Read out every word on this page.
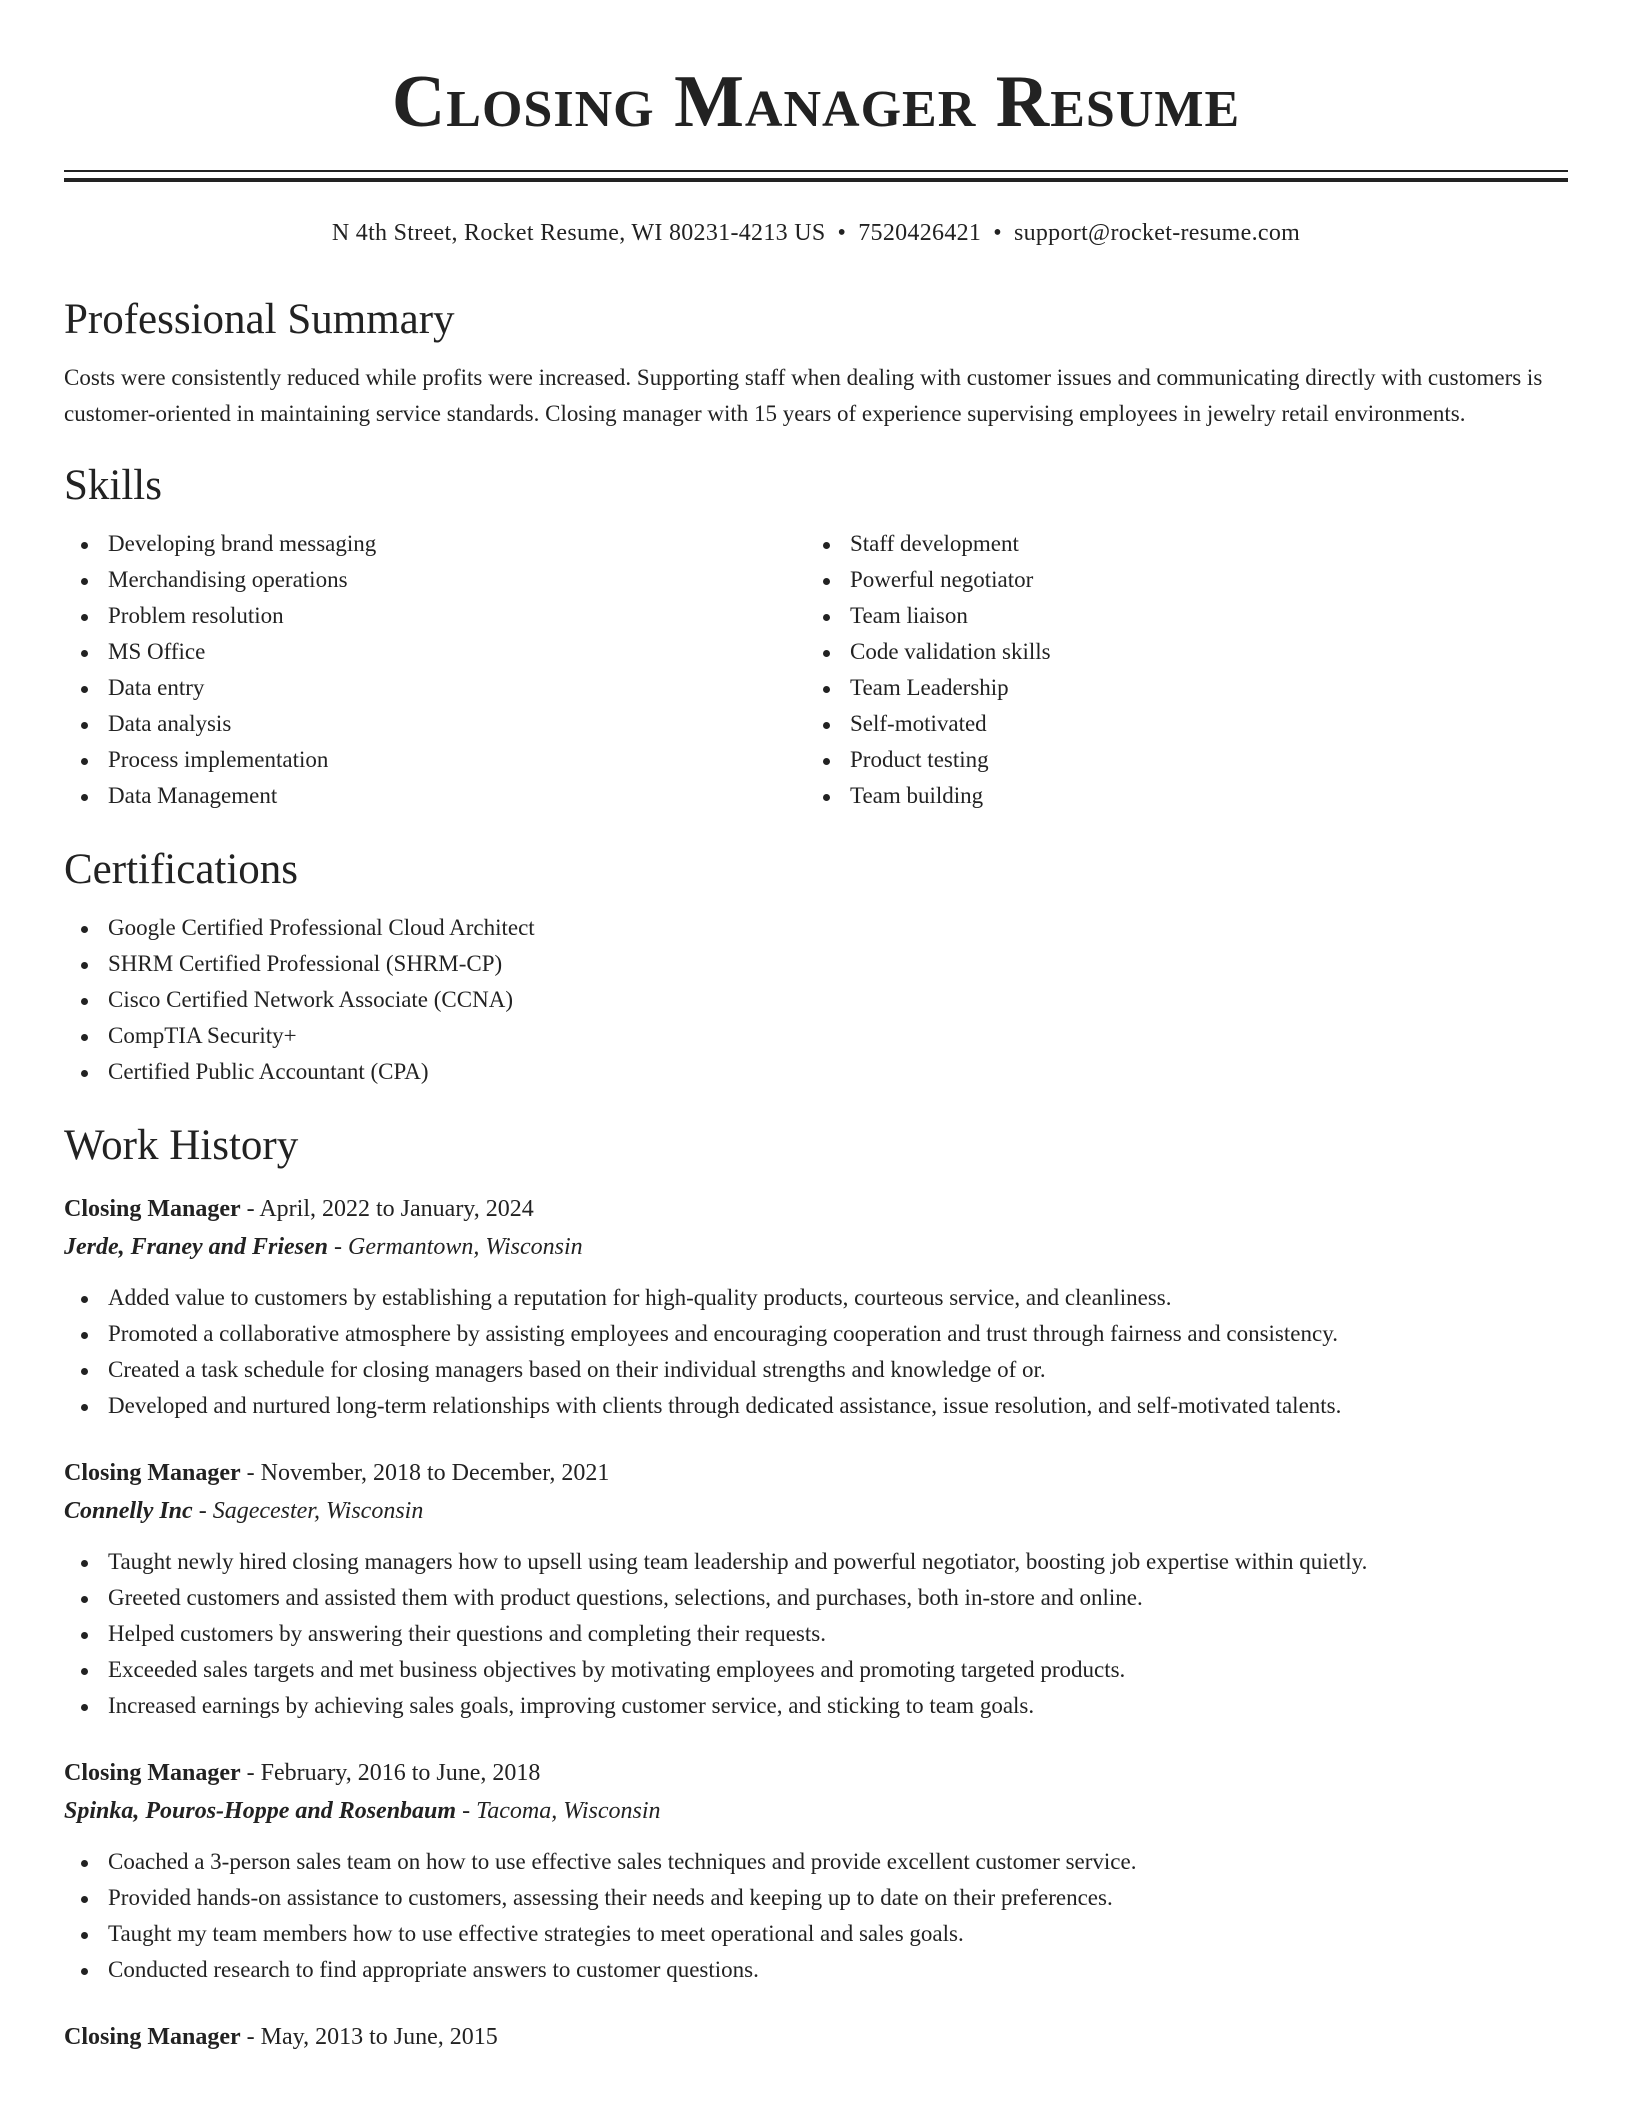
Closing Manager Resume
N 4th Street, Rocket Resume, WI 80231-4213 US • 7520426421 • support@rocket-resume.com
Professional Summary

Costs were consistently reduced while profits were increased. Supporting staff when dealing with customer issues and communicating directly with customers is customer-oriented in maintaining service standards. Closing manager with 15 years of experience supervising employees in jewelry retail environments.

Skills
Developing brand messaging
Merchandising operations
Problem resolution
MS Office
Data entry
Data analysis
Process implementation
Data Management
Staff development
Powerful negotiator
Team liaison
Code validation skills
Team Leadership
Self-motivated
Product testing
Team building
Certifications
Google Certified Professional Cloud Architect
SHRM Certified Professional (SHRM-CP)
Cisco Certified Network Associate (CCNA)
CompTIA Security+
Certified Public Accountant (CPA)
Work History
Closing Manager - April, 2022 to January, 2024
Jerde, Franey and Friesen - Germantown, Wisconsin
Added value to customers by establishing a reputation for high-quality products, courteous service, and cleanliness.
Promoted a collaborative atmosphere by assisting employees and encouraging cooperation and trust through fairness and consistency.
Created a task schedule for closing managers based on their individual strengths and knowledge of or.
Developed and nurtured long-term relationships with clients through dedicated assistance, issue resolution, and self-motivated talents.
Closing Manager - November, 2018 to December, 2021
Connelly Inc - Sagecester, Wisconsin
Taught newly hired closing managers how to upsell using team leadership and powerful negotiator, boosting job expertise within quietly.
Greeted customers and assisted them with product questions, selections, and purchases, both in-store and online.
Helped customers by answering their questions and completing their requests.
Exceeded sales targets and met business objectives by motivating employees and promoting targeted products.
Increased earnings by achieving sales goals, improving customer service, and sticking to team goals.
Closing Manager - February, 2016 to June, 2018
Spinka, Pouros-Hoppe and Rosenbaum - Tacoma, Wisconsin
Coached a 3-person sales team on how to use effective sales techniques and provide excellent customer service.
Provided hands-on assistance to customers, assessing their needs and keeping up to date on their preferences.
Taught my team members how to use effective strategies to meet operational and sales goals.
Conducted research to find appropriate answers to customer questions.
Closing Manager - May, 2013 to June, 2015
